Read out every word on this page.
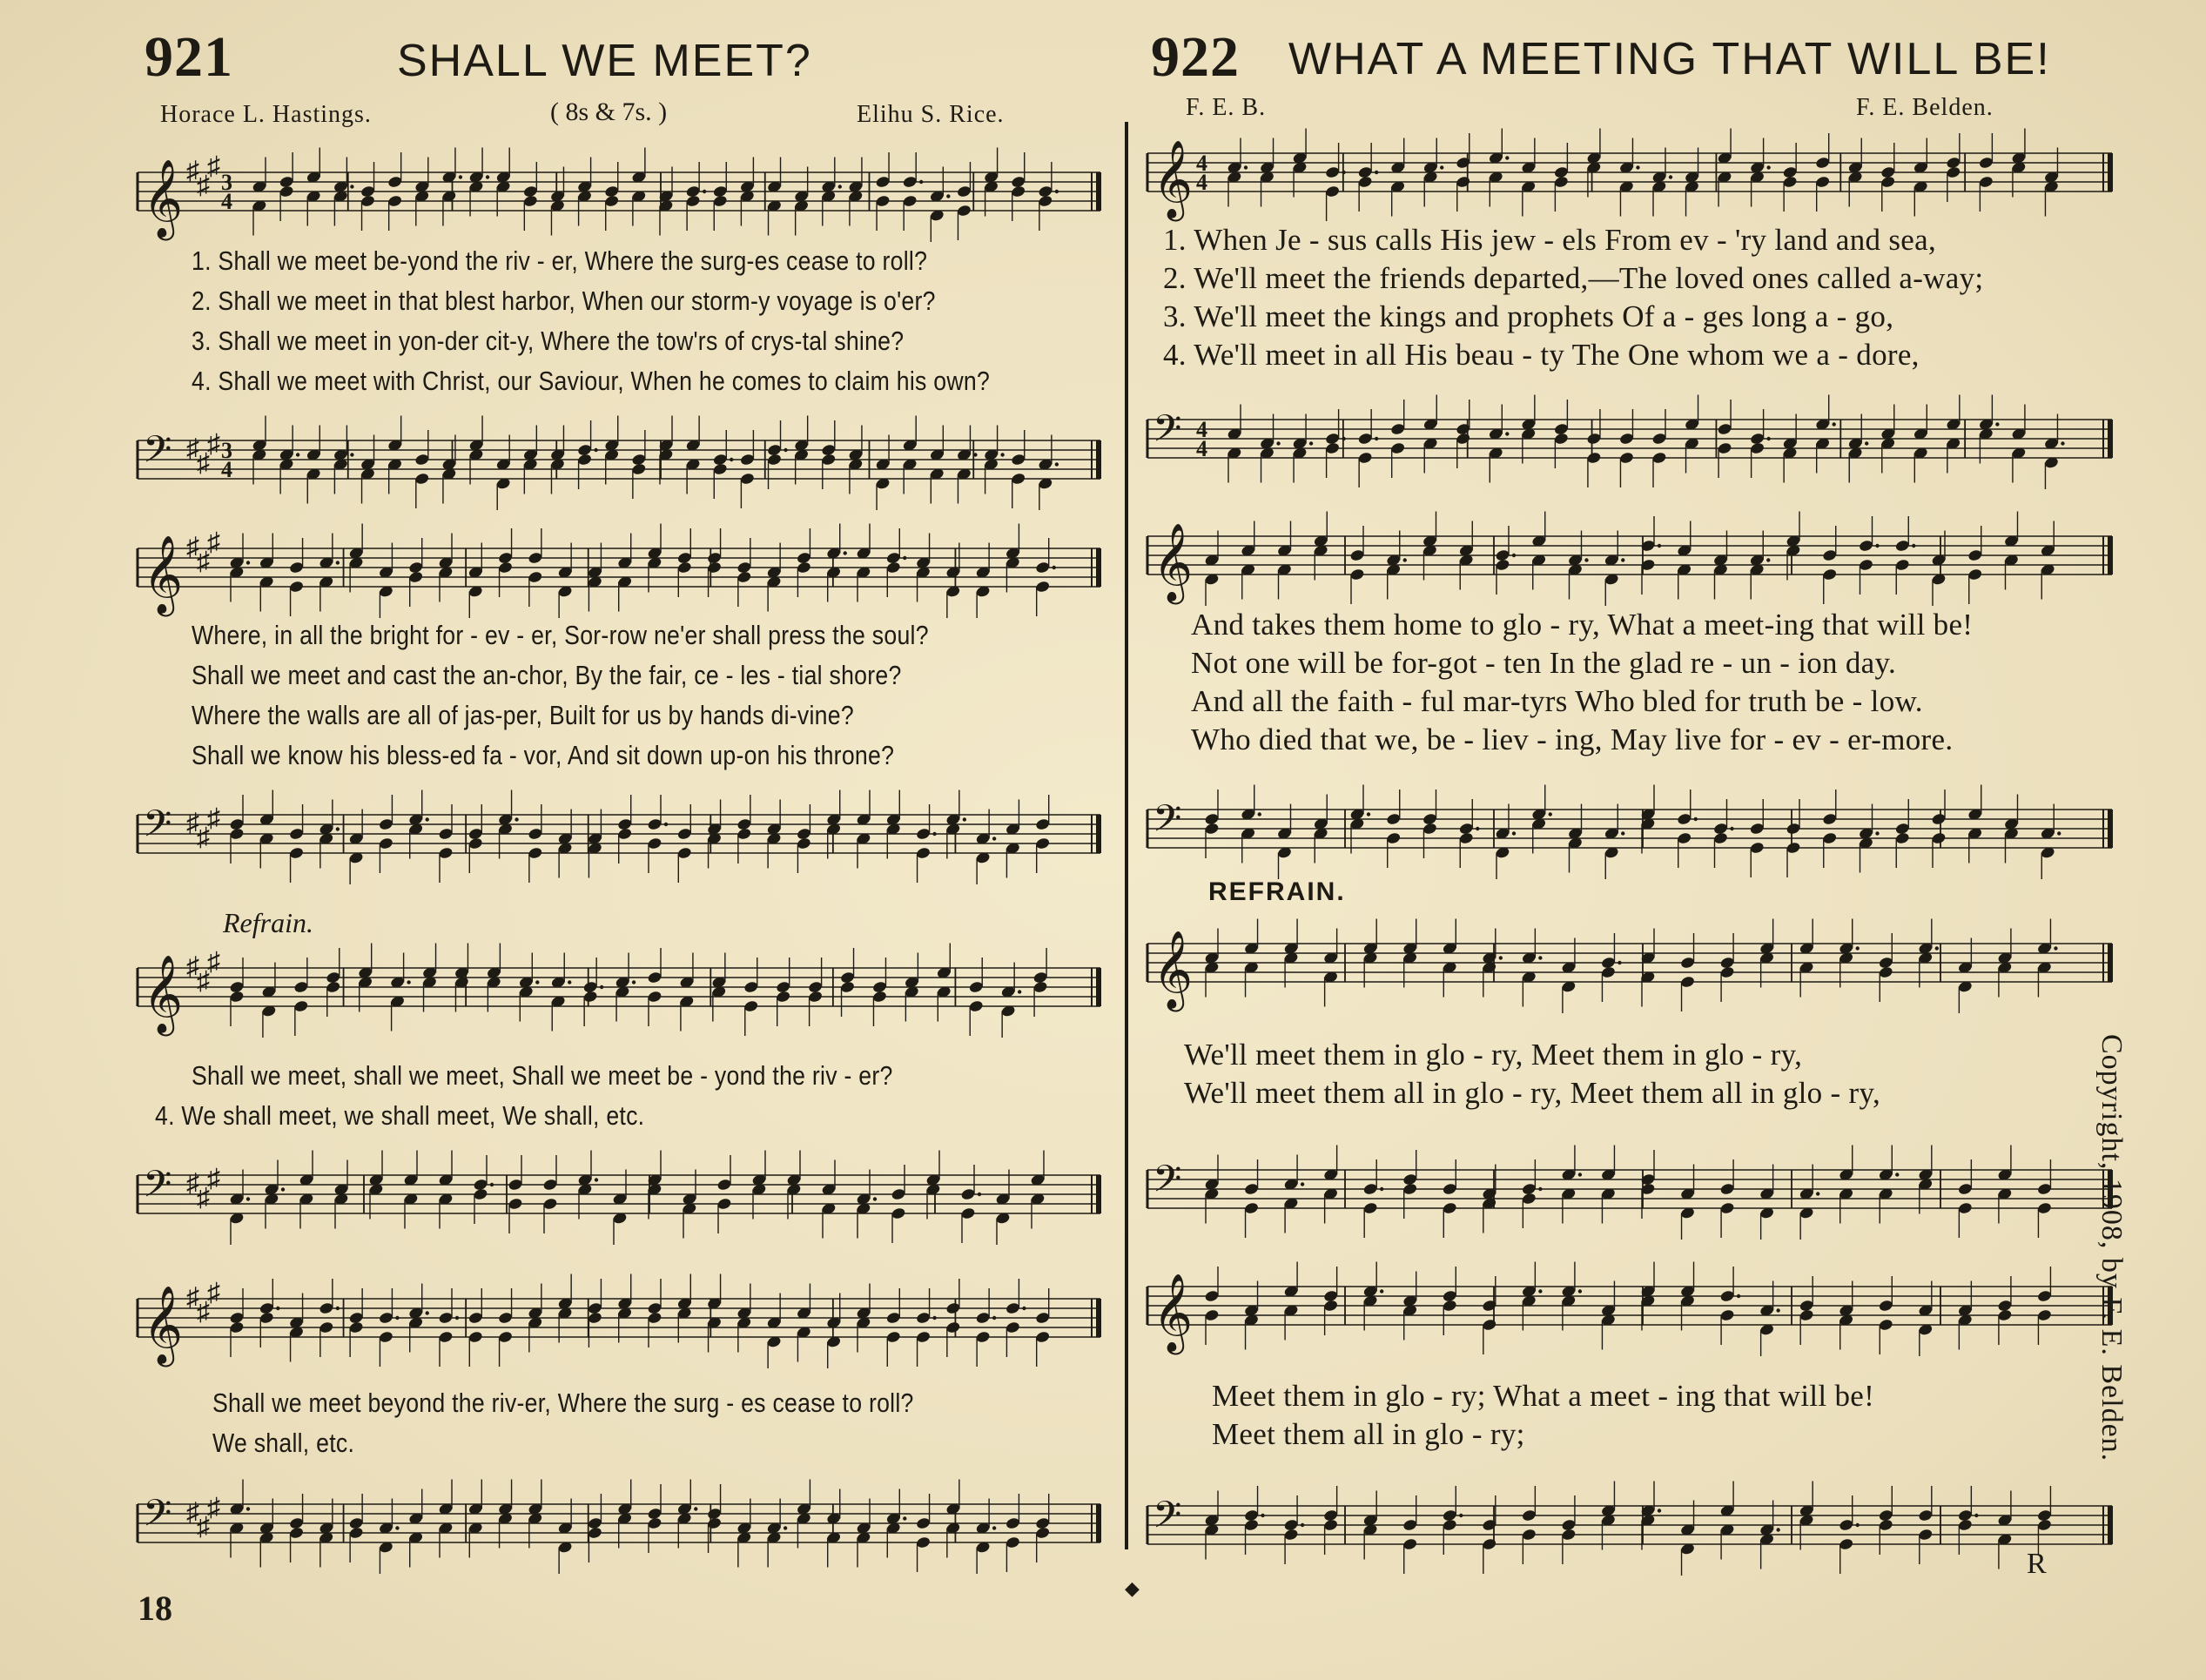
921	SHALL WE MEET?
Horace L. Hastings.	( 8s & 7s. )	Elihu S. Rice.
𝄞 ♯
♯
♯
3
4
1. Shall we meet be-yond the riv - er, Where the surg-es cease to roll?
2. Shall we meet in that blest harbor, When our storm-y voyage is o'er?
3. Shall we meet in yon-der cit-y, Where the tow'rs of crys-tal shine?
4. Shall we meet with Christ, our Saviour, When he comes to claim his own?
𝄢 ♯
♯
♯ 3
4
𝄞 ♯
♯
♯
Where, in all the bright for - ev - er, Sor-row ne'er shall press the soul?
Shall we meet and cast the an-chor, By the fair, ce - les - tial shore?
Where the walls are all of jas-per, Built for us by hands di-vine?
Shall we know his bless-ed fa - vor, And sit down up-on his throne?
𝄢 ♯
♯
♯
Refrain.
𝄞 ♯
♯
♯
Shall we meet, shall we meet, Shall we meet be - yond the riv - er?
4. We shall meet, we shall meet, We shall, etc.
𝄢 ♯
♯
♯
𝄞 ♯
♯
♯
Shall we meet beyond the riv-er, Where the surg - es cease to roll?
We shall, etc.
𝄢 ♯
♯
♯
922 WHAT A MEETING THAT WILL BE!
F. E. B.	F. E. Belden.
𝄞 4
4
1. When Je - sus calls His jew - els From ev - 'ry land and sea,
2. We'll meet the friends departed,—The loved ones called a-way;
3. We'll meet the kings and prophets Of a - ges long a - go,
4. We'll meet in all His beau - ty The One whom we a - dore,
𝄢 4
4
𝄞
And takes them home to glo - ry, What a meet-ing that will be!
Not one will be for-got - ten In the glad re - un - ion day.
And all the faith - ful mar-tyrs Who bled for truth be - low.
Who died that we, be - liev - ing, May live for - ev - er-more.
𝄢
REFRAIN.
𝄞
We'll meet them in glo - ry, Meet them in glo - ry,
We'll meet them all in glo - ry, Meet them all in glo - ry,
𝄢
𝄞
Meet them in glo - ry; What a meet - ing that will be!
Meet them all in glo - ry;
𝄢
Copyright, 1908, by F. E. Belden.
R
◆
18
